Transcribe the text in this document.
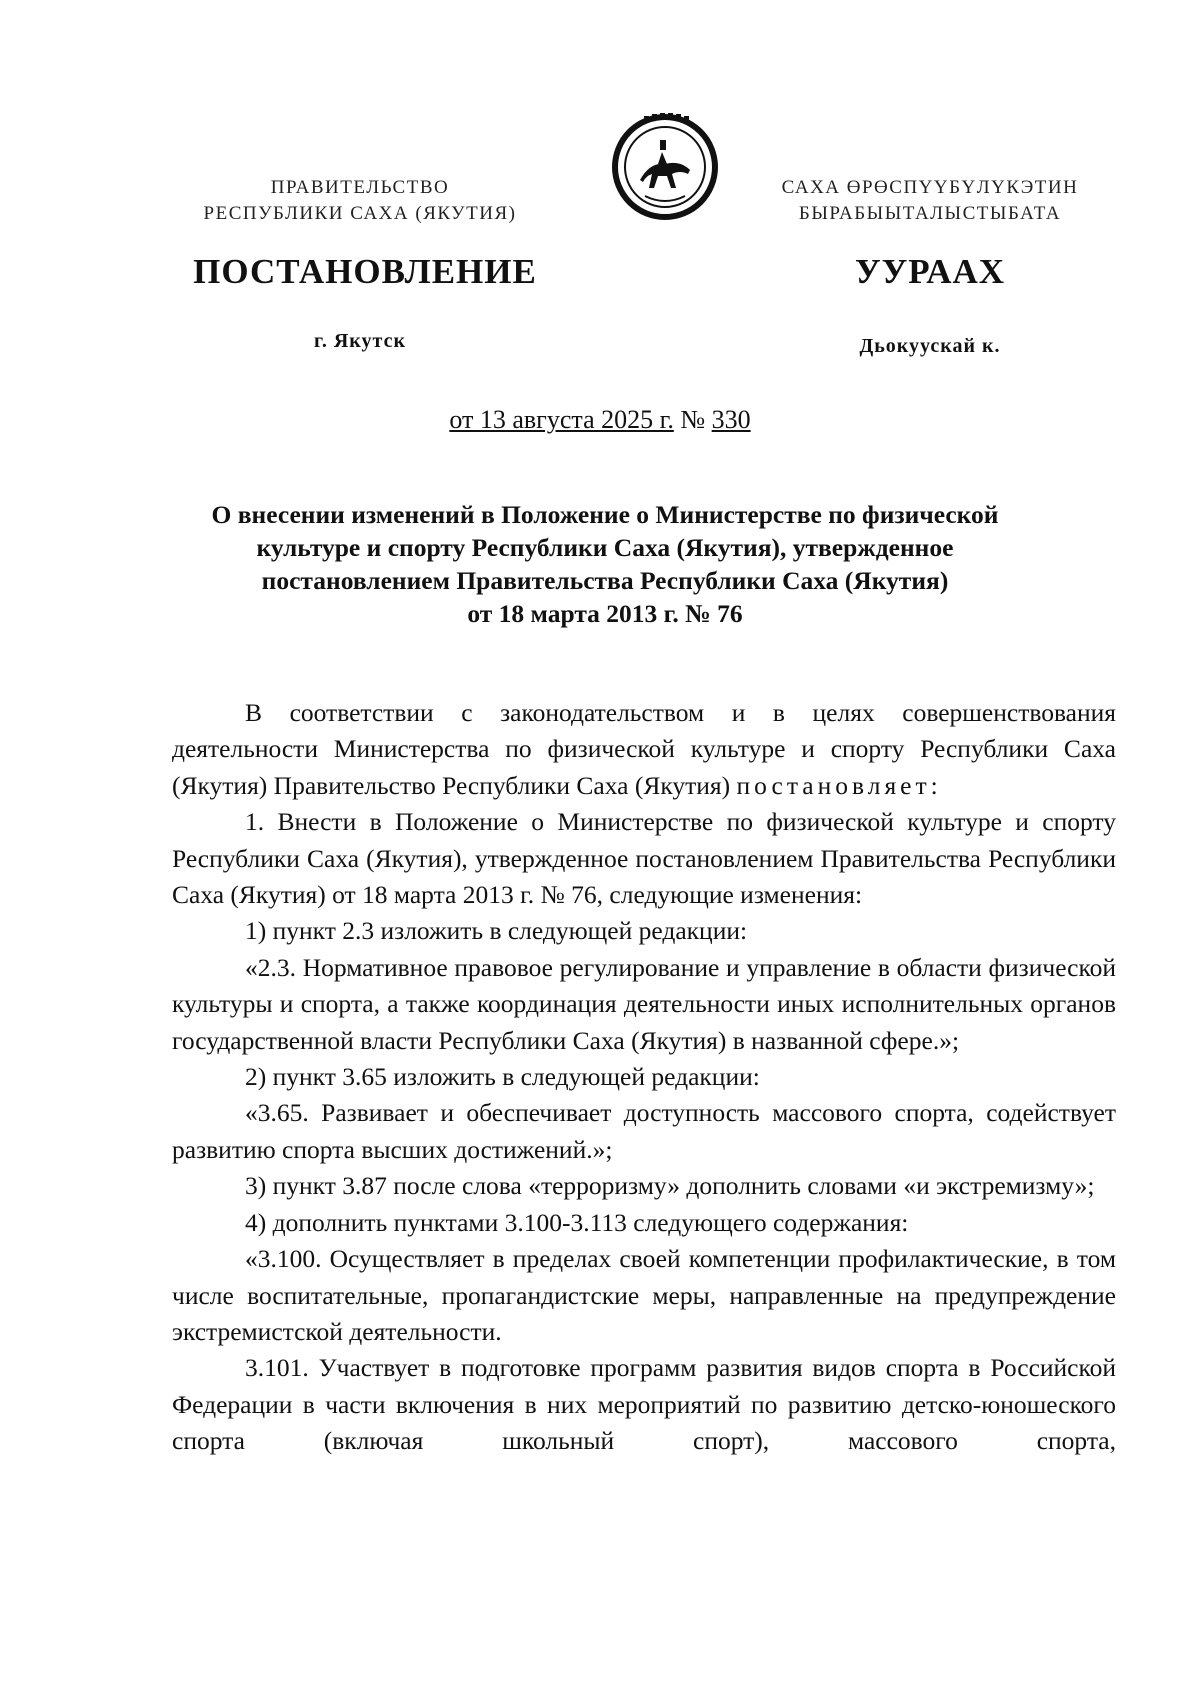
ПРАВИТЕЛЬСТВО
РЕСПУБЛИКИ САХА (ЯКУТИЯ)
САХА ӨРӨСПҮҮБҮЛҮКЭТИН
БЫРАБЫЫТАЛЫСТЫБАТА
ПОСТАНОВЛЕНИЕ	УУРААХ
г. Якутск	Дьокуускай к.
от 13 августа 2025 г. № 330
О внесении изменений в Положение о Министерстве по физической
культуре и спорту Республики Саха (Якутия), утвержденное
постановлением Правительства Республики Саха (Якутия)
от 18 марта 2013 г. № 76

В соответствии с законодательством и в целях совершенствования деятельности Министерства по физической культуре и спорту Республики Саха (Якутия) Правительство Республики Саха (Якутия) постановляет:

1. Внести в Положение о Министерстве по физической культуре и спорту Республики Саха (Якутия), утвержденное постановлением Правительства Республики Саха (Якутия) от 18 марта 2013 г. № 76, следующие изменения:

1) пункт 2.3 изложить в следующей редакции:

«2.3. Нормативное правовое регулирование и управление в области физической культуры и спорта, а также координация деятельности иных исполнительных органов государственной власти Республики Саха (Якутия) в названной сфере.»;

2) пункт 3.65 изложить в следующей редакции:

«3.65. Развивает и обеспечивает доступность массового спорта, содействует развитию спорта высших достижений.»;

3) пункт 3.87 после слова «терроризму» дополнить словами «и экстремизму»;

4) дополнить пунктами 3.100-3.113 следующего содержания:

«3.100. Осуществляет в пределах своей компетенции профилактические, в том числе воспитательные, пропагандистские меры, направленные на предупреждение экстремистской деятельности.

3.101. Участвует в подготовке программ развития видов спорта в Российской Федерации в части включения в них мероприятий по развитию детско-юношеского спорта (включая школьный спорт), массового спорта,
